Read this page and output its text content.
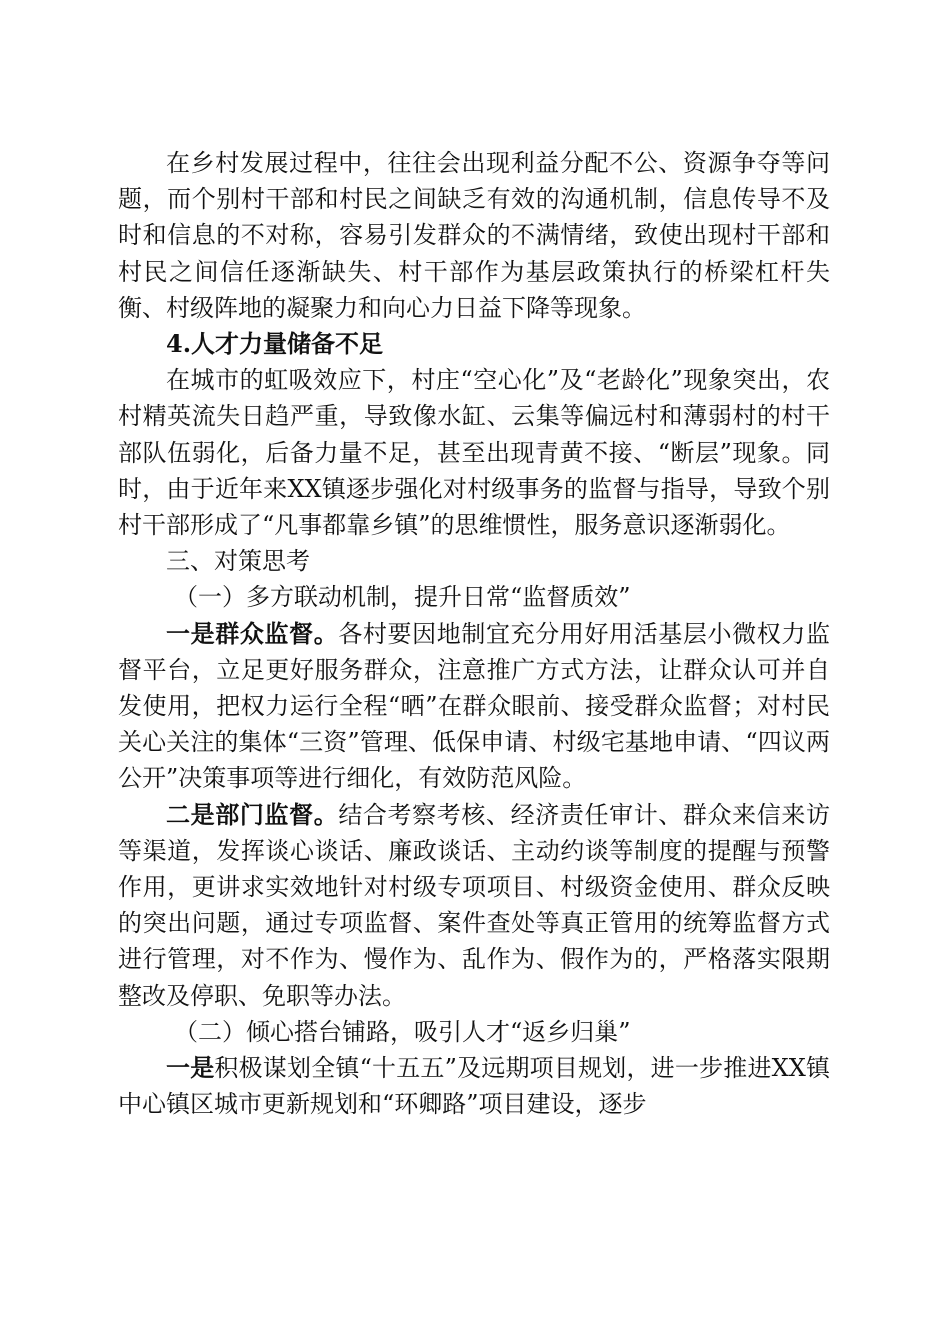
在乡村发展过程中，往往会出现利益分配不公、资源争夺等问题，而个别村干部和村民之间缺乏有效的沟通机制，信息传导不及时和信息的不对称，容易引发群众的不满情绪，致使出现村干部和村民之间信任逐渐缺失、村干部作为基层政策执行的桥梁杠杆失衡、村级阵地的凝聚力和向心力日益下降等现象。

4.人才力量储备不足

在城市的虹吸效应下，村庄“空心化”及“老龄化”现象突出，农村精英流失日趋严重，导致像水缸、云集等偏远村和薄弱村的村干部队伍弱化，后备力量不足，甚至出现青黄不接、“断层”现象。同时，由于近年来XX镇逐步强化对村级事务的监督与指导，导致个别村干部形成了“凡事都靠乡镇”的思维惯性，服务意识逐渐弱化。

三、对策思考

（一）多方联动机制，提升日常“监督质效”

一是群众监督。各村要因地制宜充分用好用活基层小微权力监督平台，立足更好服务群众，注意推广方式方法，让群众认可并自发使用，把权力运行全程“晒”在群众眼前、接受群众监督；对村民关心关注的集体“三资”管理、低保申请、村级宅基地申请、“四议两公开”决策事项等进行细化，有效防范风险。

二是部门监督。结合考察考核、经济责任审计、群众来信来访等渠道，发挥谈心谈话、廉政谈话、主动约谈等制度的提醒与预警作用，更讲求实效地针对村级专项项目、村级资金使用、群众反映的突出问题，通过专项监督、案件查处等真正管用的统筹监督方式进行管理，对不作为、慢作为、乱作为、假作为的，严格落实限期整改及停职、免职等办法。

（二）倾心搭台铺路，吸引人才“返乡归巢”

一是积极谋划全镇“十五五”及远期项目规划，进一步推进XX镇中心镇区城市更新规划和“环卿路”项目建设，逐步
